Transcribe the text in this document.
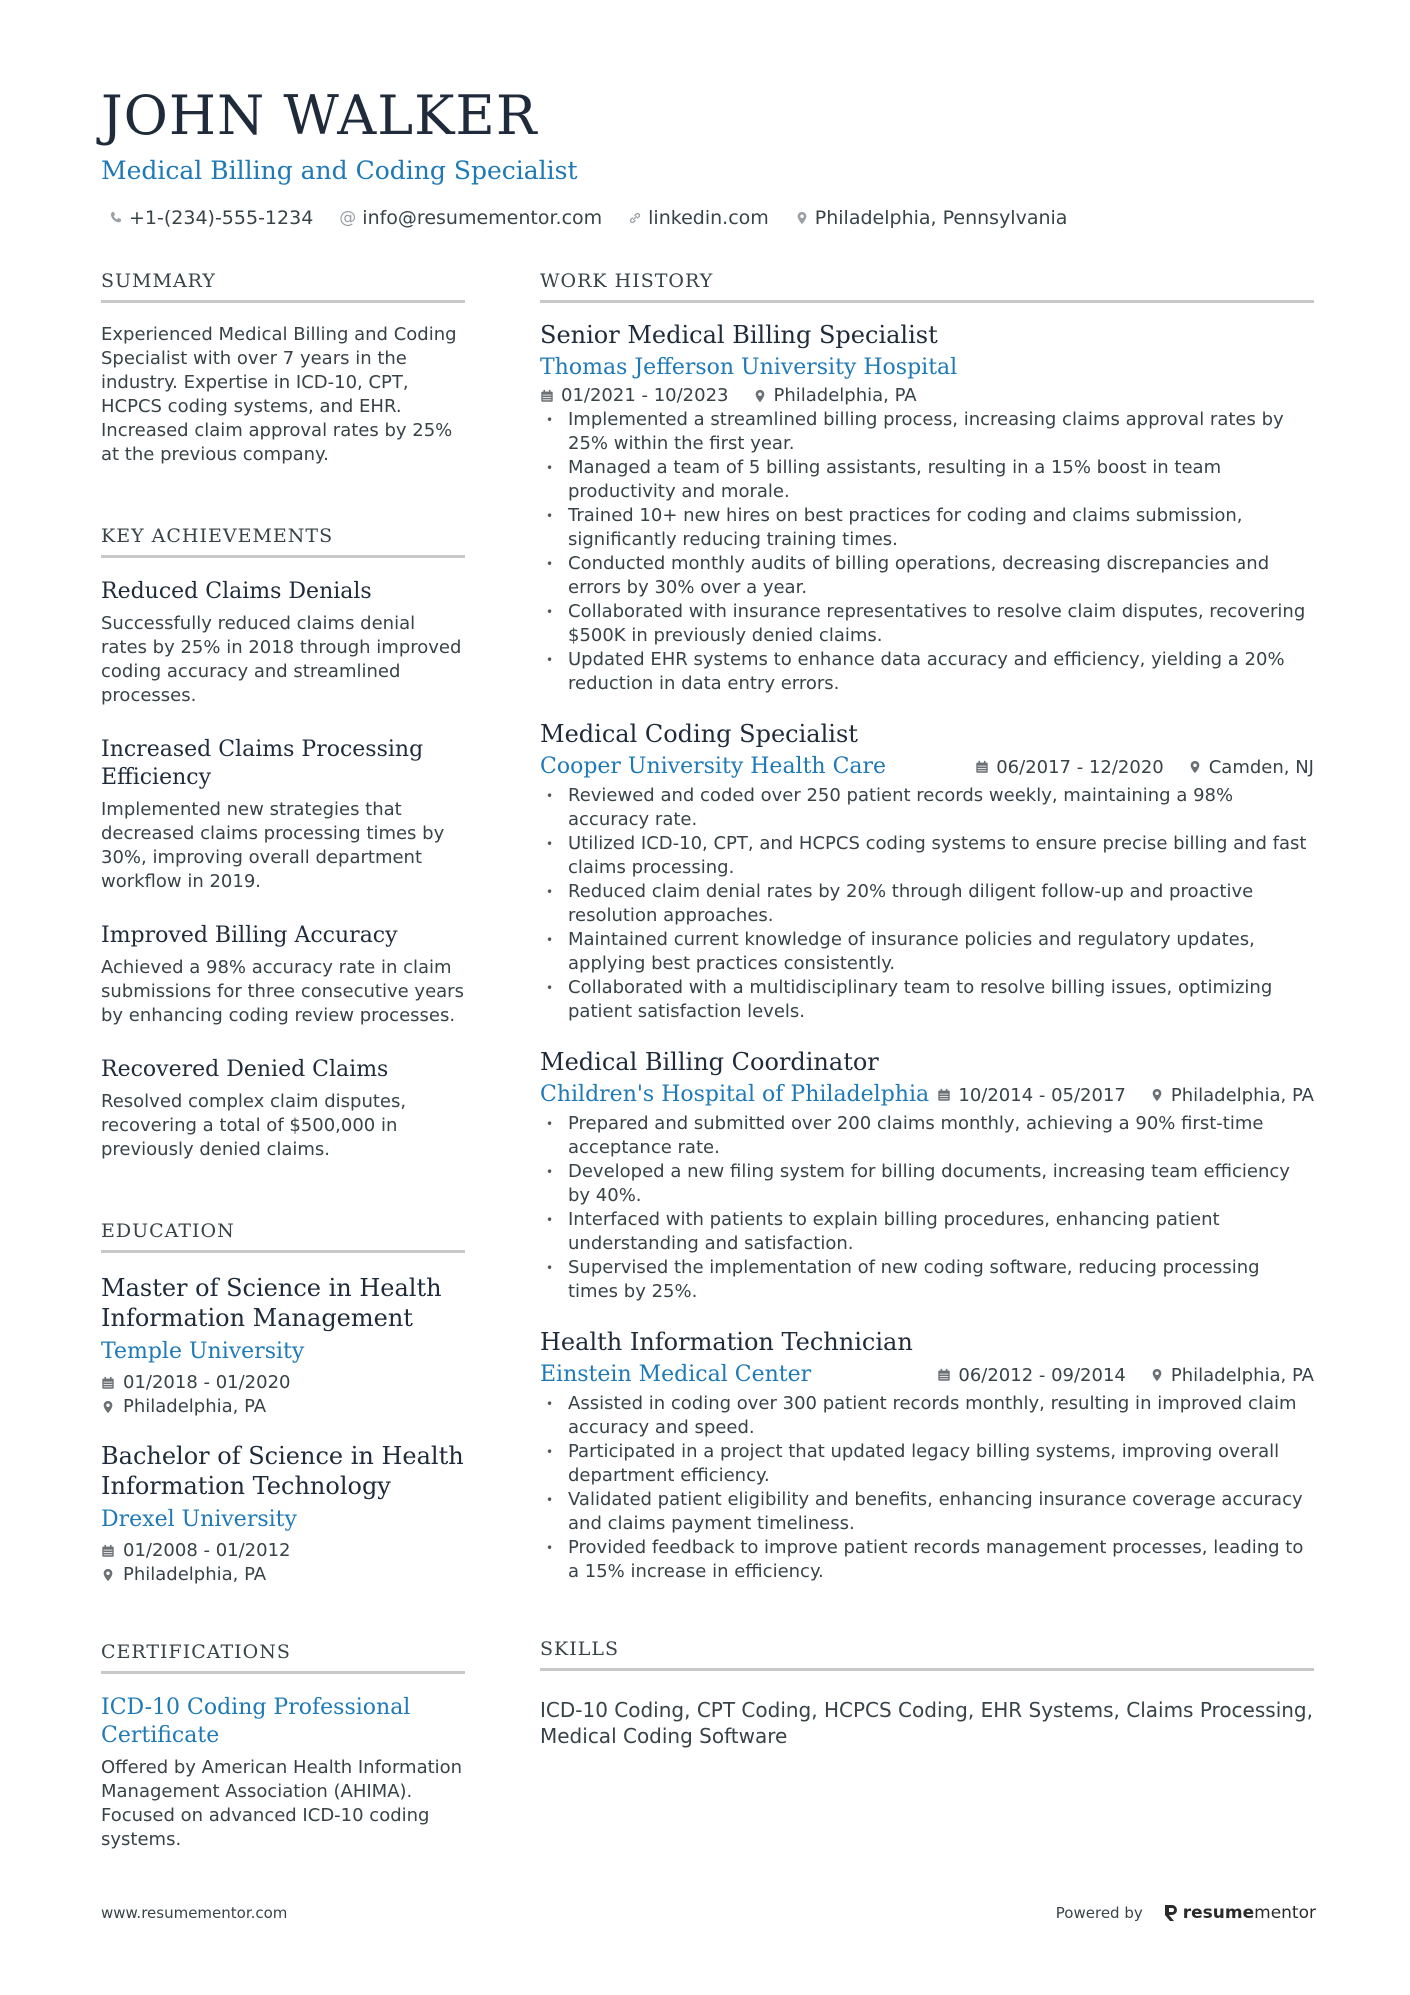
JOHN WALKER
Medical Billing and Coding Specialist
+1-(234)-555-1234 @ info@resumementor.com linkedin.com Philadelphia, Pennsylvania
SUMMARY
Experienced Medical Billing and Coding Specialist with over 7 years in the industry. Expertise in ICD-10, CPT, HCPCS coding systems, and EHR. Increased claim approval rates by 25% at the previous company.
KEY ACHIEVEMENTS
Reduced Claims Denials
Successfully reduced claims denial rates by 25% in 2018 through improved coding accuracy and streamlined processes.
Increased Claims Processing Efficiency
Implemented new strategies that decreased claims processing times by 30%, improving overall department workflow in 2019.
Improved Billing Accuracy
Achieved a 98% accuracy rate in claim submissions for three consecutive years by enhancing coding review processes.
Recovered Denied Claims
Resolved complex claim disputes, recovering a total of $500,000 in previously denied claims.
EDUCATION
Master of Science in Health Information Management
Temple University
01/2018 - 01/2020
Philadelphia, PA
Bachelor of Science in Health Information Technology
Drexel University
01/2008 - 01/2012
Philadelphia, PA
CERTIFICATIONS
ICD-10 Coding Professional Certificate
Offered by American Health Information Management Association (AHIMA). Focused on advanced ICD-10 coding systems.
WORK HISTORY
Senior Medical Billing Specialist
Thomas Jefferson University Hospital
01/2021 - 10/2023	Philadelphia, PA
• Implemented a streamlined billing process, increasing claims approval rates by 25% within the first year.
• Managed a team of 5 billing assistants, resulting in a 15% boost in team productivity and morale.
• Trained 10+ new hires on best practices for coding and claims submission, significantly reducing training times.
• Conducted monthly audits of billing operations, decreasing discrepancies and errors by 30% over a year.
• Collaborated with insurance representatives to resolve claim disputes, recovering $500K in previously denied claims.
• Updated EHR systems to enhance data accuracy and efficiency, yielding a 20% reduction in data entry errors.
Medical Coding Specialist
Cooper University Health Care	06/2017 - 12/2020	Camden, NJ
• Reviewed and coded over 250 patient records weekly, maintaining a 98% accuracy rate.
• Utilized ICD-10, CPT, and HCPCS coding systems to ensure precise billing and fast claims processing.
• Reduced claim denial rates by 20% through diligent follow-up and proactive resolution approaches.
• Maintained current knowledge of insurance policies and regulatory updates, applying best practices consistently.
• Collaborated with a multidisciplinary team to resolve billing issues, optimizing patient satisfaction levels.
Medical Billing Coordinator
Children's Hospital of Philadelphia 10/2014 - 05/2017	Philadelphia, PA
• Prepared and submitted over 200 claims monthly, achieving a 90% first-time acceptance rate.
• Developed a new filing system for billing documents, increasing team efficiency by 40%.
• Interfaced with patients to explain billing procedures, enhancing patient understanding and satisfaction.
• Supervised the implementation of new coding software, reducing processing times by 25%.
Health Information Technician
Einstein Medical Center	06/2012 - 09/2014	Philadelphia, PA
• Assisted in coding over 300 patient records monthly, resulting in improved claim accuracy and speed.
• Participated in a project that updated legacy billing systems, improving overall department efficiency.
• Validated patient eligibility and benefits, enhancing insurance coverage accuracy and claims payment timeliness.
• Provided feedback to improve patient records management processes, leading to a 15% increase in efficiency.
SKILLS
ICD-10 Coding, CPT Coding, HCPCS Coding, EHR Systems, Claims Processing, Medical Coding Software
www.resumementor.com	Powered by resumementor
